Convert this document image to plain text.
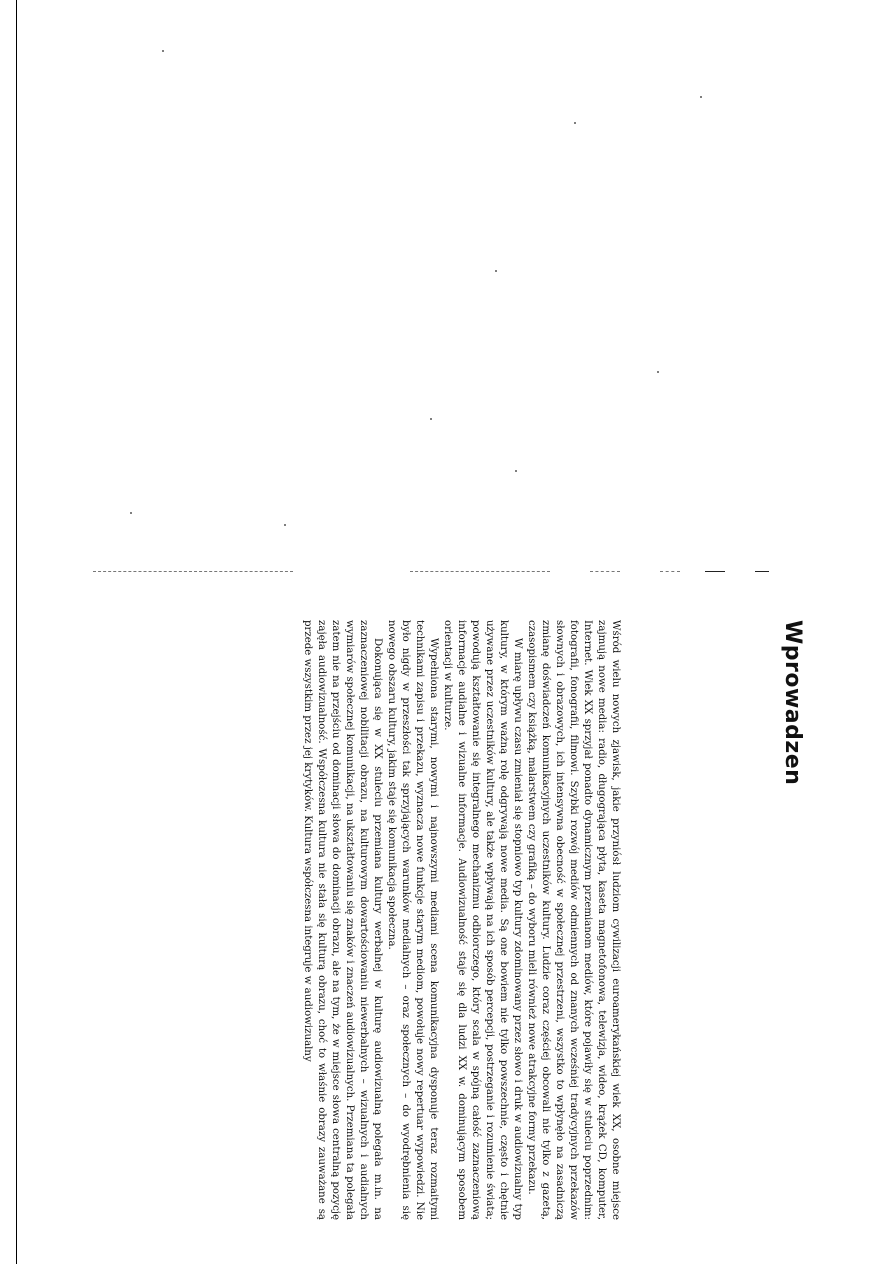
Wprowadzen

Wśród wielu nowych zjawisk, jakie przyniósł ludziom cywilizacji euroamerykańskiej wiek XX, osobne miejsce zajmują nowe media: radio, długogrająca płyta, kaseta magnetofonowa, telewizja, wideo, krążek CD, komputer, Internet. Wiek XX sprzyjał ponadto dynamicznym przemianom mediów, które pojawiły się w stuleciu poprzednim: fotografii, fonografii, filmowi. Szybki rozwój mediów odmiennych od znanych wcześniej tradycyjnych przekazów słownych i obrazowych, ich intensywna obecność w społecznej przestrzeni, wszystko to wpłynęło na zasadniczą zmianę doświadczeń komunikacyjnych uczestników kultury. Ludzie coraz częściej obcowali nie tylko z gazetą, czasopismem czy książką, malarstwem czy grafiką – do wyboru mieli również nowe atrakcyjne formy przekazu.

W miarę upływu czasu zmieniał się stopniowo typ kultury zdominowany przez słowo i druk w audiowizualny typ kultury, w którym ważną rolę odgrywają nowe media. Są one bowiem nie tylko powszechnie, często i chętnie używane przez uczestników kultury, ale także wpływają na ich sposób percepcji, postrzeganie i rozumienie świata; powodują kształtowanie się integralnego mechanizmu odbiorczego, który scala w spójną całość zaznaczeniową informacje audialne i wizualne informacje. Audiowizualność staje się dla ludzi XX w. dominującym sposobem orientacji w kulturze.

Wypełniona starymi, nowymi i najnowszymi mediami scena komunikacyjna dysponuje teraz rozmaitymi technikami zapisu i przekazu, wyznacza nowe funkcje starym mediom, powołuje nowy repertuar wypowiedzi. Nie było nigdy w przeszłości tak sprzyjających warunków medialnych – oraz społecznych – do wyodrębnienia się nowego obszaru kultury, jakim staje się komunikacja społeczna.

Dokonująca się w XX stuleciu przemiana kultury werbalnej w kulturę audiowizualną polegała m.in. na zaznaczeniowej nobilitacji obrazu, na kulturowym dowartościowaniu niewerbalnych – wizualnych i audialnych wymiarów społecznej komunikacji, na ukształtowaniu się znaków i znaczeń audiowizualnych. Przemiana ta polegała zatem nie na przejściu od dominacji słowa do dominacji obrazu, ale na tym, że w miejsce słowa centralną pozycję zajęła audiowizualność. Współczesna kultura nie stała się kulturą obrazu, choć to właśnie obrazy zauważane są przede wszystkim przez jej krytyków. Kultura współczesna integruje w audiowizualny
